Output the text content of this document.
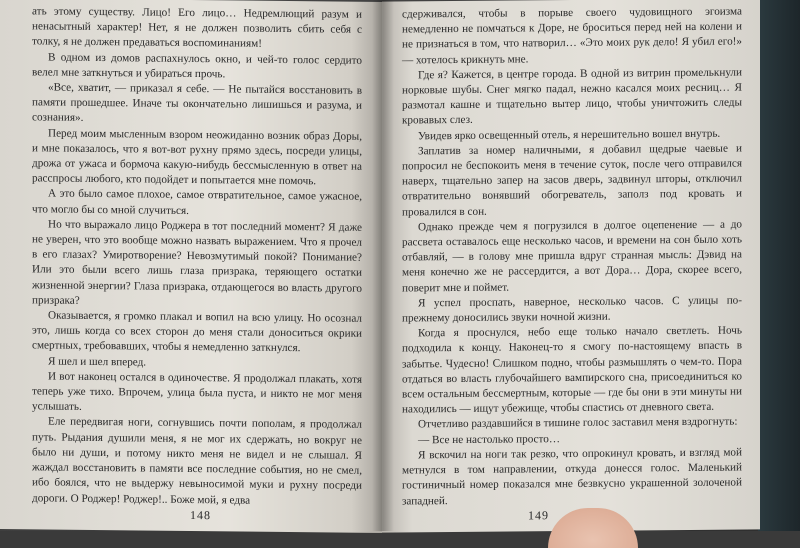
ать этому существу. Лицо! Его лицо… Недремлющий разум и ненасытный характер! Нет, я не должен позволить сбить себя с толку, я не должен предаваться воспоминаниям!

В одном из домов распахнулось окно, и чей-то голос сердито велел мне заткнуться и убираться прочь.

«Все, хватит, — приказал я себе. — Не пытайся восстановить в памяти прошедшее. Иначе ты окончательно лишишься и разума, и сознания».

Перед моим мысленным взором неожиданно возник образ Доры, и мне показалось, что я вот-вот рухну прямо здесь, посреди улицы, дрожа от ужаса и бормоча какую-нибудь бессмысленную в ответ на расспросы любого, кто подойдет и попытается мне помочь.

А это было самое плохое, самое отвратительное, самое ужасное, что могло бы со мной случиться.

Но что выражало лицо Роджера в тот последний момент? Я даже не уверен, что это вообще можно назвать выражением. Что я прочел в его глазах? Умиротворение? Невозмутимый покой? Понимание? Или это были всего лишь глаза призрака, теряющего остатки жизненной энергии? Глаза призрака, отдающегося во власть другого призрака?

Оказывается, я громко плакал и вопил на всю улицу. Но осознал это, лишь когда со всех сторон до меня стали доноситься окрики смертных, требовавших, чтобы я немедленно заткнулся.

Я шел и шел вперед.

И вот наконец остался в одиночестве. Я продолжал плакать, хотя теперь уже тихо. Впрочем, улица была пуста, и никто не мог меня услышать.

Еле передвигая ноги, согнувшись почти пополам, я продолжал путь. Рыдания душили меня, я не мог их сдержать, но вокруг не было ни души, и потому никто меня не видел и не слышал. Я жаждал восстановить в памяти все последние события, но не смел, ибо боялся, что не выдержу невыносимой муки и рухну посреди дороги. О Роджер! Роджер!.. Боже мой, я едва

148

сдерживался, чтобы в порыве своего чудовищного эгоизма немедленно не помчаться к Доре, не броситься перед ней на колени и не признаться в том, что натворил… «Это моих рук дело! Я убил его!» — хотелось крикнуть мне.

Где я? Кажется, в центре города. В одной из витрин промелькнули норковые шубы. Снег мягко падал, нежно касался моих ресниц… Я размотал кашне и тщательно вытер лицо, чтобы уничтожить следы кровавых слез.

Увидев ярко освещенный отель, я нерешительно вошел внутрь.

Заплатив за номер наличными, я добавил щедрые чаевые и попросил не беспокоить меня в течение суток, после чего отправился наверх, тщательно запер на засов дверь, задвинул шторы, отключил отвратительно вонявший обогреватель, заполз под кровать и провалился в сон.

Однако прежде чем я погрузился в долгое оцепенение — а до рассвета оставалось еще несколько часов, и времени на сон было хоть отбавляй, — в голову мне пришла вдруг странная мысль: Дэвид на меня конечно же не рассердится, а вот Дора… Дора, скорее всего, поверит мне и поймет.

Я успел проспать, наверное, несколько часов. С улицы по-прежнему доносились звуки ночной жизни.

Когда я проснулся, небо еще только начало светлеть. Ночь подходила к концу. Наконец-то я смогу по-настоящему впасть в забытье. Чудесно! Слишком подно, чтобы размышлять о чем-то. Пора отдаться во власть глубочайшего вампирского сна, присоединиться ко всем остальным бессмертным, которые — где бы они в эти минуты ни находились — ищут убежище, чтобы спастись от дневного света.

Отчетливо раздавшийся в тишине голос заставил меня вздрогнуть:

— Все не настолько просто…

Я вскочил на ноги так резко, что опрокинул кровать, и взгляд мой метнулся в том направлении, откуда донесся голос. Маленький гостиничный номер показался мне безвкусно украшенной золоченой западней.

149
